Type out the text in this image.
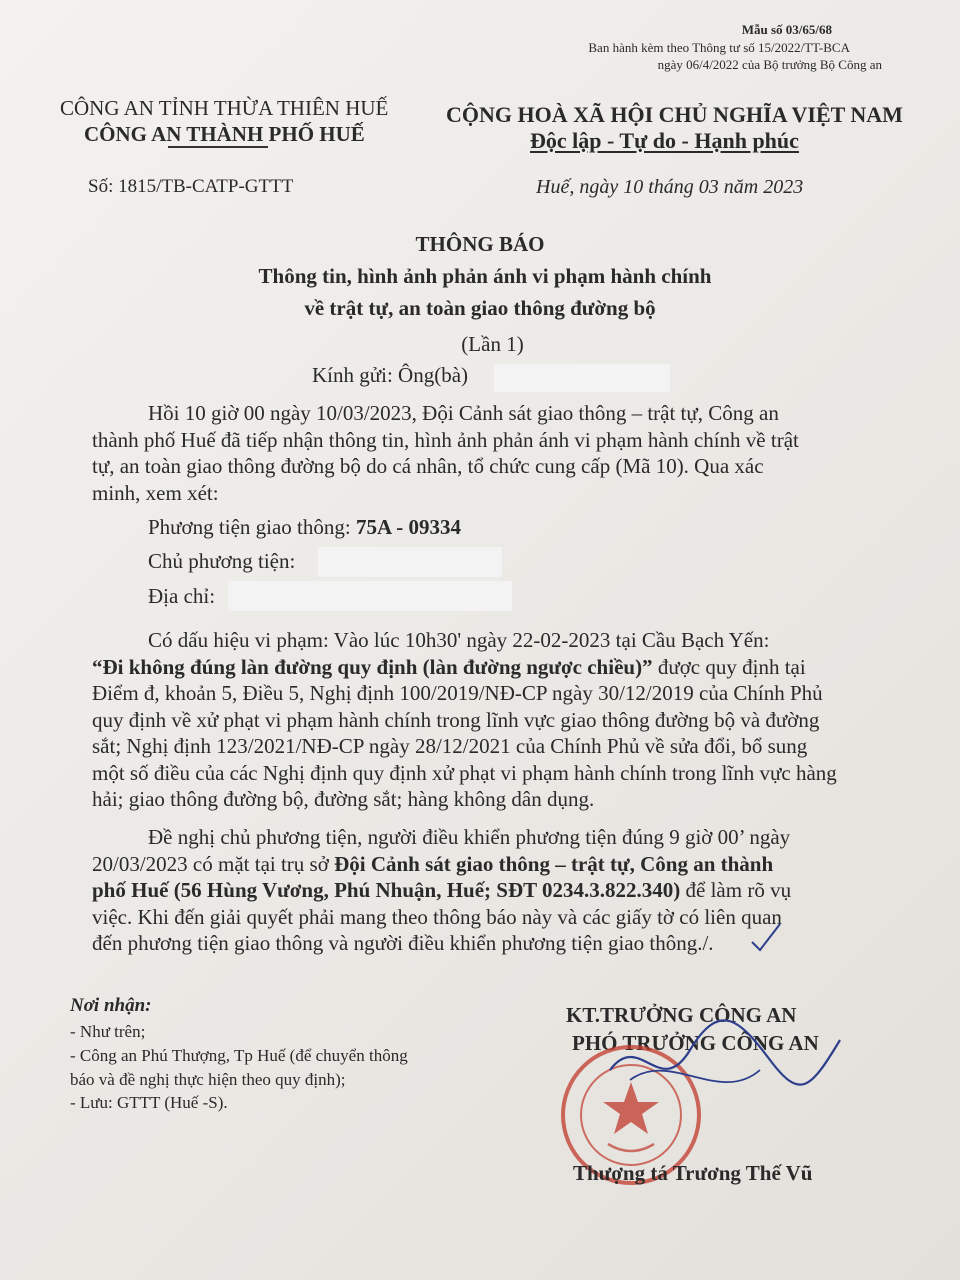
Mẫu số 03/65/68
Ban hành kèm theo Thông tư số 15/2022/TT-BCA
ngày 06/4/2022 của Bộ trưởng Bộ Công an
CÔNG AN TỈNH THỪA THIÊN HUẾ
CÔNG AN THÀNH PHỐ HUẾ
CỘNG HOÀ XÃ HỘI CHỦ NGHĨA VIỆT NAM
Độc lập - Tự do - Hạnh phúc
Số: 1815/TB-CATP-GTTT	Huế, ngày 10 tháng 03 năm 2023
THÔNG BÁO
Thông tin, hình ảnh phản ánh vi phạm hành chính
về trật tự, an toàn giao thông đường bộ
(Lần 1)
Kính gửi: Ông(bà)
Hồi 10 giờ 00 ngày 10/03/2023, Đội Cảnh sát giao thông – trật tự, Công an
thành phố Huế đã tiếp nhận thông tin, hình ảnh phản ánh vi phạm hành chính về trật
tự, an toàn giao thông đường bộ do cá nhân, tổ chức cung cấp (Mã 10). Qua xác
minh, xem xét:
Phương tiện giao thông: 75A - 09334
Chủ phương tiện:
Địa chỉ:
Có dấu hiệu vi phạm: Vào lúc 10h30' ngày 22-02-2023 tại Cầu Bạch Yến:
“Đi không đúng làn đường quy định (làn đường ngược chiều)” được quy định tại
Điểm đ, khoản 5, Điều 5, Nghị định 100/2019/NĐ-CP ngày 30/12/2019 của Chính Phủ
quy định về xử phạt vi phạm hành chính trong lĩnh vực giao thông đường bộ và đường
sắt; Nghị định 123/2021/NĐ-CP ngày 28/12/2021 của Chính Phủ về sửa đổi, bổ sung
một số điều của các Nghị định quy định xử phạt vi phạm hành chính trong lĩnh vực hàng
hải; giao thông đường bộ, đường sắt; hàng không dân dụng.
Đề nghị chủ phương tiện, người điều khiển phương tiện đúng 9 giờ 00’ ngày
20/03/2023 có mặt tại trụ sở Đội Cảnh sát giao thông – trật tự, Công an thành
phố Huế (56 Hùng Vương, Phú Nhuận, Huế; SĐT 0234.3.822.340) để làm rõ vụ
việc. Khi đến giải quyết phải mang theo thông báo này và các giấy tờ có liên quan
đến phương tiện giao thông và người điều khiển phương tiện giao thông./.
Nơi nhận:
- Như trên;
- Công an Phú Thượng, Tp Huế (để chuyển thông
báo và đề nghị thực hiện theo quy định);
- Lưu: GTTT (Huế -S).
KT.TRƯỞNG CÔNG AN
PHÓ TRƯỞNG CÔNG AN
Thượng tá Trương Thế Vũ
